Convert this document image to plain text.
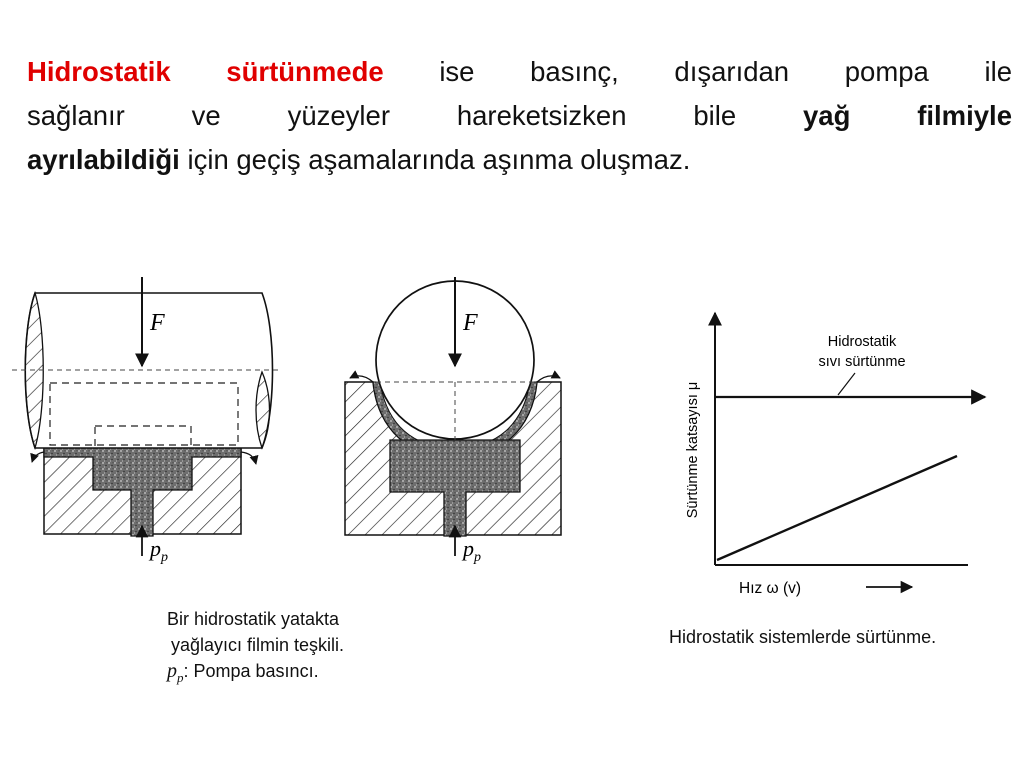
Hidrostatik sürtünmede ise basınç, dışarıdan pompa ile
sağlanır ve yüzeyler hareketsizken bile yağ filmiyle
ayrılabildiği için geçiş aşamalarında aşınma oluşmaz.
F
$p_p$
F
$p_p$
Hidrostatik
sıvı sürtünme
Sürtünme katsayısı μ
Hız ω (v)
Bir hidrostatik yatakta
yağlayıcı filmin teşkili.
$p_p$: Pompa basıncı.
Hidrostatik sistemlerde sürtünme.
